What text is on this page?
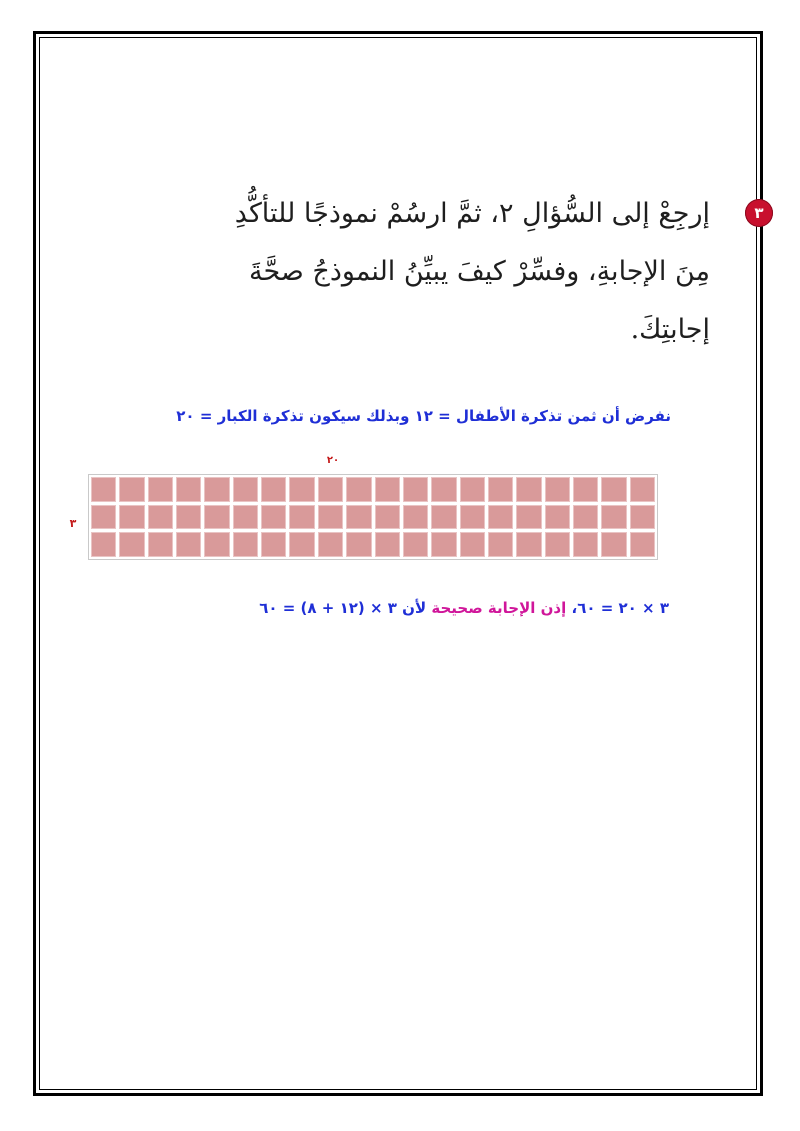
٣
إرجِعْ إلى السُّؤالِ ٢، ثمَّ ارسُمْ نموذجًا للتأكُّدِ
مِنَ الإجابةِ، وفسِّرْ كيفَ يبيِّنُ النموذجُ صحَّةَ
إجابتِكَ.
نفرض أن ثمن تذكرة الأطفال = ١٢ وبذلك سيكون تذكرة الكبار = ٢٠
٢٠
٣
٣ × ٢٠ = ٦٠، إذن الإجابة صحيحة لأن ٣ × (١٢ + ٨) = ٦٠
